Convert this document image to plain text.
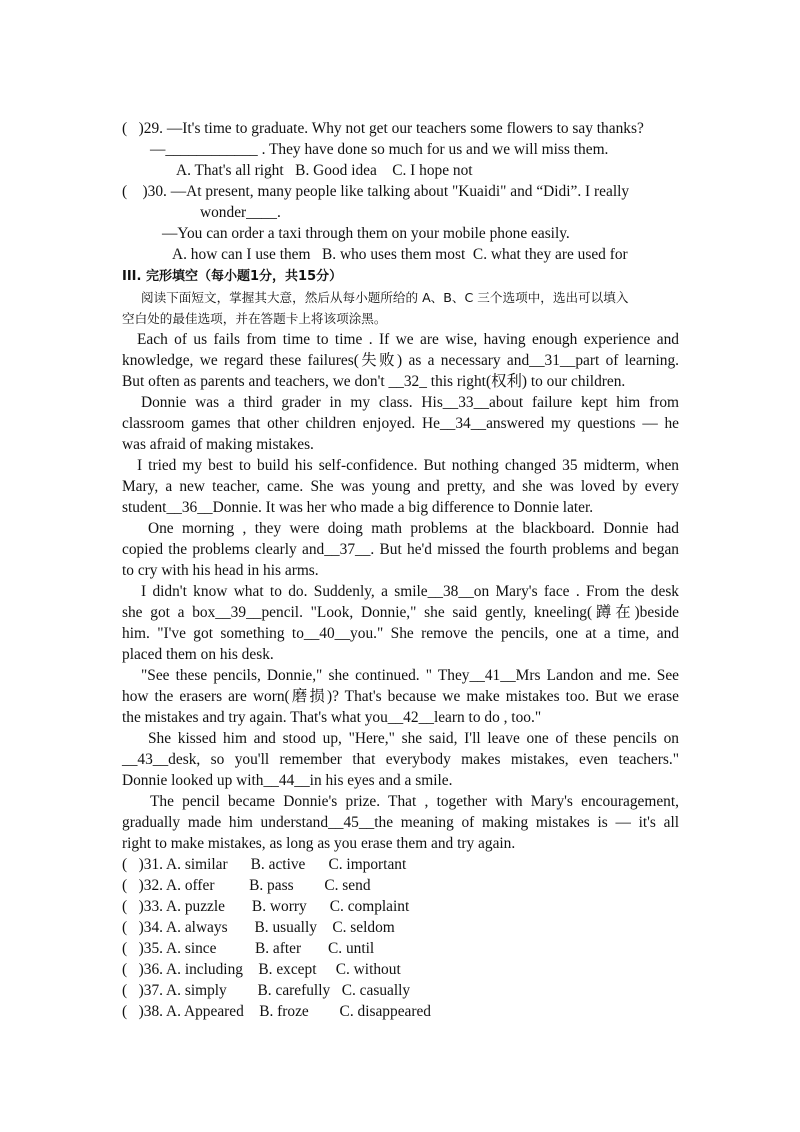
(   )29. —It's time to graduate. Why not get our teachers some flowers to say thanks?
—____________ . They have done so much for us and we will miss them.
A. That's all right   B. Good idea    C. I hope not
(    )30. —At present, many people like talking about "Kuaidi" and “Didi”. I really
wonder____.
—You can order a taxi through them on your mobile phone easily.
A. how can I use them   B. who uses them most  C. what they are used for
III. 完形填空（每小题1分，共15分）
阅读下面短文，掌握其大意，然后从每小题所给的 A、B、C 三个选项中，选出可以填入
空白处的最佳选项，并在答题卡上将该项涂黑。
Each of us fails from time to time . If we are wise, having enough experience and
knowledge, we regard these failures(失败) as a necessary and__31__part of learning.
But often as parents and teachers, we don't __32_ this right(权利) to our children.
Donnie was a third grader in my class. His__33__about failure kept him from
classroom games that other children enjoyed. He__34__answered my questions — he
was afraid of making mistakes.
I tried my best to build his self-confidence. But nothing changed 35 midterm, when
Mary, a new teacher, came. She was young and pretty, and she was loved by every
student__36__Donnie. It was her who made a big difference to Donnie later.
One morning , they were doing math problems at the blackboard. Donnie had
copied the problems clearly and__37__. But he'd missed the fourth problems and began
to cry with his head in his arms.
I didn't know what to do. Suddenly, a smile__38__on Mary's face . From the desk
she got a box__39__pencil. "Look, Donnie," she said gently, kneeling(蹲在)beside
him. "I've got something to__40__you." She remove the pencils, one at a time, and
placed them on his desk.
"See these pencils, Donnie," she continued. " They__41__Mrs Landon and me. See
how the erasers are worn(磨损)? That's because we make mistakes too. But we erase
the mistakes and try again. That's what you__42__learn to do , too."
She kissed him and stood up, "Here," she said, I'll leave one of these pencils on
__43__desk, so you'll remember that everybody makes mistakes, even teachers."
Donnie looked up with__44__in his eyes and a smile.
The pencil became Donnie's prize. That , together with Mary's encouragement,
gradually made him understand__45__the meaning of making mistakes is — it's all
right to make mistakes, as long as you erase them and try again.
(   )31. A. similar      B. active      C. important
(   )32. A. offer         B. pass        C. send
(   )33. A. puzzle       B. worry      C. complaint
(   )34. A. always       B. usually    C. seldom
(   )35. A. since          B. after       C. until
(   )36. A. including    B. except     C. without
(   )37. A. simply        B. carefully   C. casually
(   )38. A. Appeared    B. froze        C. disappeared
